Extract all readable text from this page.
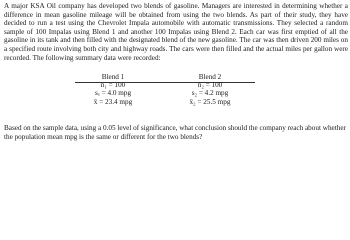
A major KSA Oil company has developed two blends of gasoline. Managers are interested in determining whether a difference in mean gasoline mileage will be obtained from using the two blends. As part of their study, they have decided to run a test using the Chevrolet Impala automobile with automatic transmissions. They selected a random sample of 100 Impalas using Blend 1 and another 100 Impalas using Blend 2. Each car was first emptied of all the gasoline in its tank and then filled with the designated blend of the new gasoline. The car was then driven 200 miles on a specified route involving both city and highway roads. The cars were then filled and the actual miles per gallon were recorded. The following summary data were recorded:

Blend 1
n₁ = 100
sₓ = 4.0 mpg
x̄ = 23.4 mpg
Blend 2
n₂ = 100
s₂ = 4.2 mpg
x̄₂ = 25.5 mpg

Based on the sample data, using a 0.05 level of significance, what conclusion should the company reach about whether the population mean mpg is the same or different for the two blends?
